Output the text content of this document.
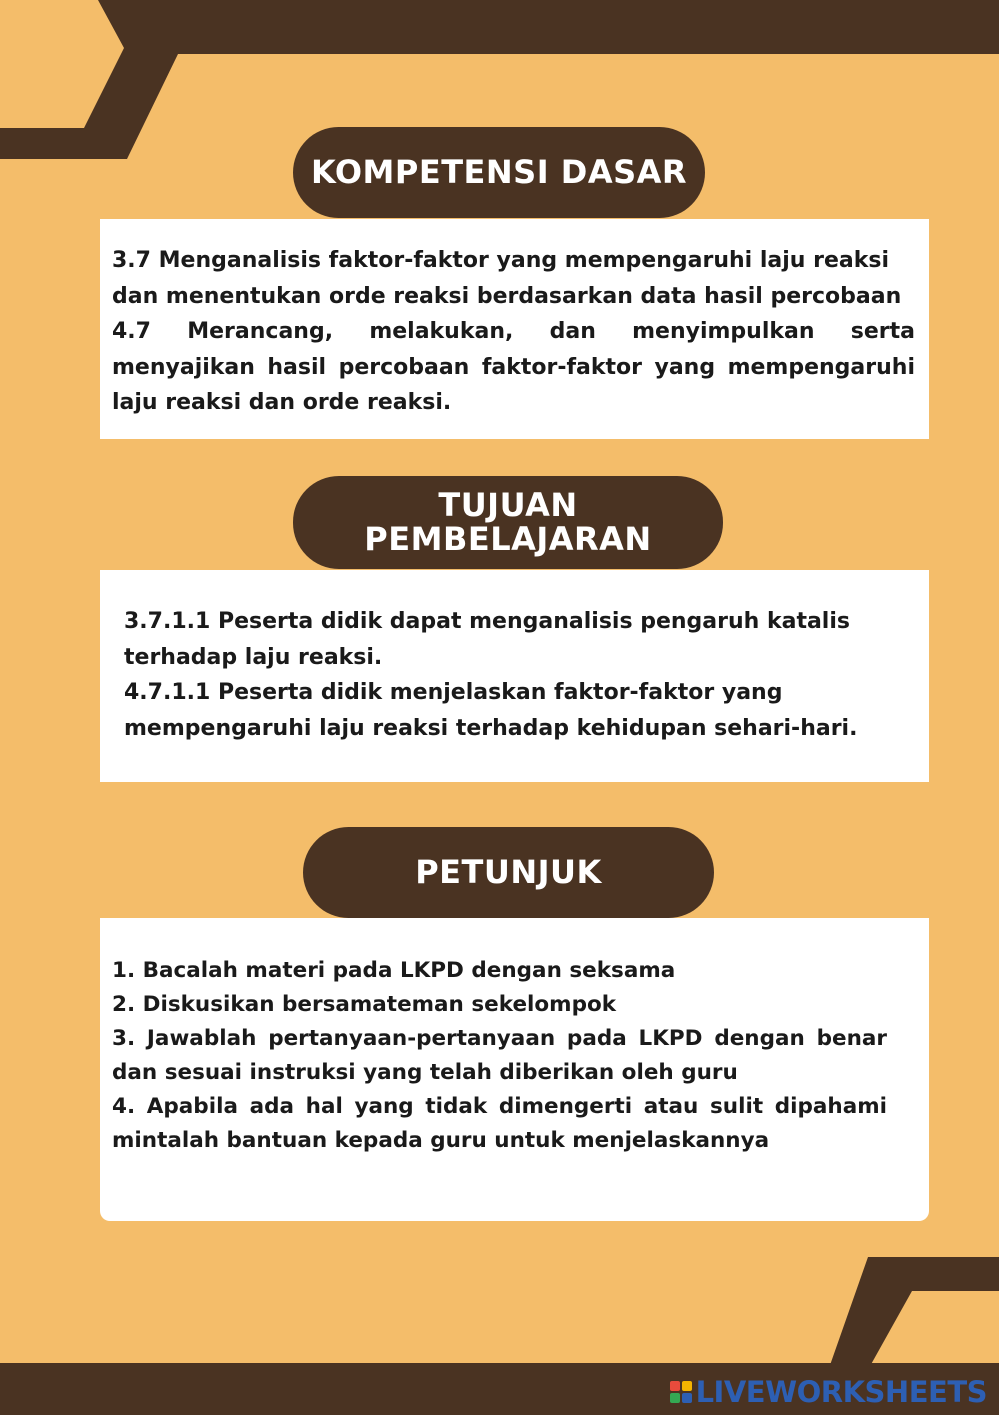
KOMPETENSI DASAR

3.7 Menganalisis faktor-faktor yang mempengaruhi laju reaksi dan menentukan orde reaksi berdasarkan data hasil percobaan

4.7 Merancang, melakukan, dan menyimpulkan serta menyajikan hasil percobaan faktor-faktor yang mempengaruhi laju reaksi dan orde reaksi.

TUJUAN
PEMBELAJARAN

3.7.1.1 Peserta didik dapat menganalisis pengaruh katalis terhadap laju reaksi.

4.7.1.1 Peserta didik menjelaskan faktor-faktor yang mempengaruhi laju reaksi terhadap kehidupan sehari-hari.

PETUNJUK

1. Bacalah materi pada LKPD dengan seksama

2. Diskusikan bersamateman sekelompok

3. Jawablah pertanyaan-pertanyaan pada LKPD dengan benar dan sesuai instruksi yang telah diberikan oleh guru

4. Apabila ada hal yang tidak dimengerti atau sulit dipahami mintalah bantuan kepada guru untuk menjelaskannya

LIVEWORKSHEETS
